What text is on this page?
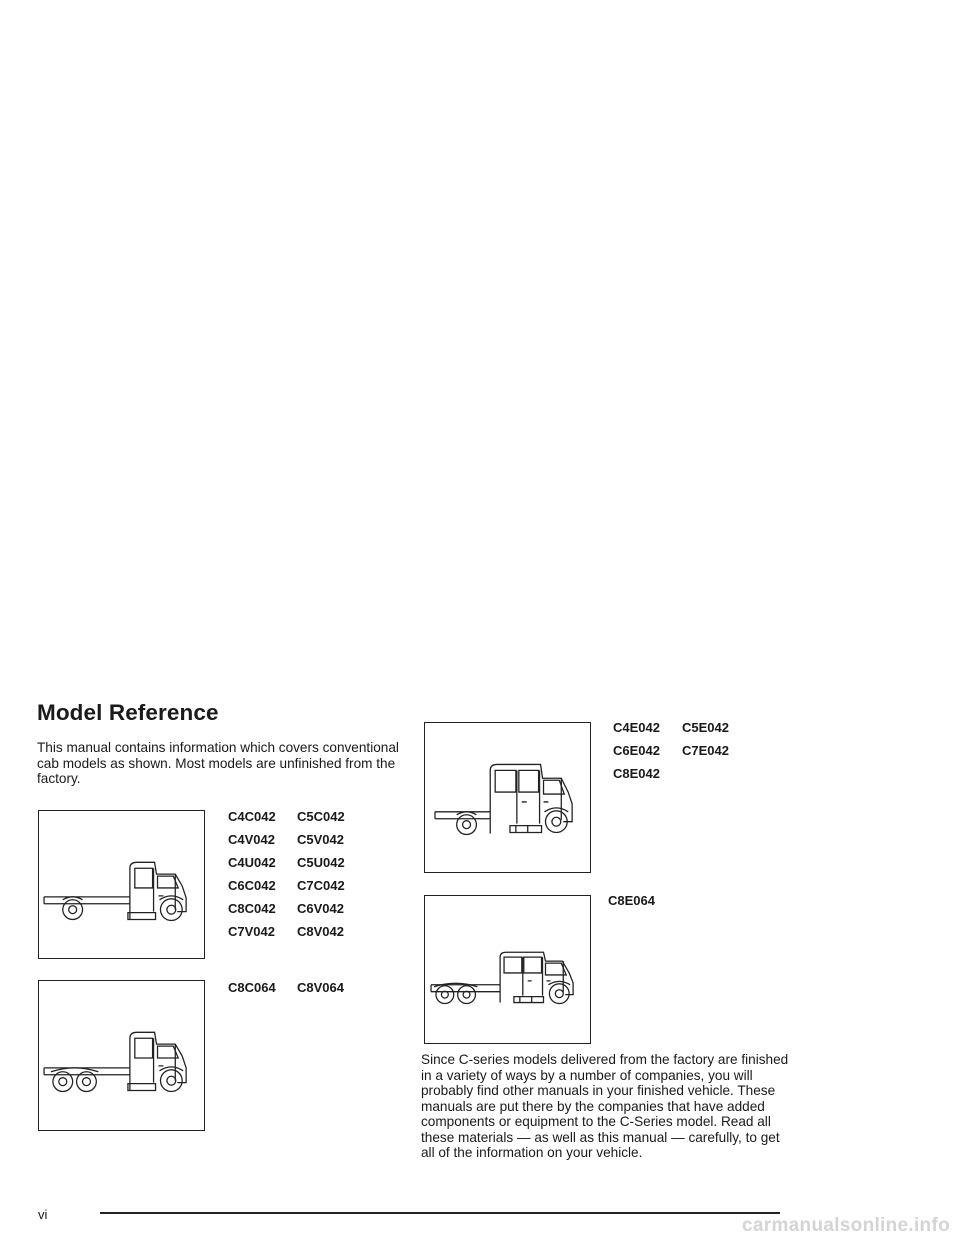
Model Reference

This manual contains information which covers conventional cab models as shown. Most models are unfinished from the factory.

C4C042	C5C042
C4V042	C5V042
C4U042	C5U042
C6C042	C7C042
C8C042	C6V042
C7V042	C8V042
C8C064	C8V064
C4E042	C5E042
C6E042	C7E042
C8E042
C8E064

Since C-series models delivered from the factory are finished in a variety of ways by a number of companies, you will probably find other manuals in your finished vehicle. These manuals are put there by the companies that have added components or equipment to the C-Series model. Read all these materials — as well as this manual — carefully, to get all of the information on your vehicle.

vi
carmanualsonline.info
